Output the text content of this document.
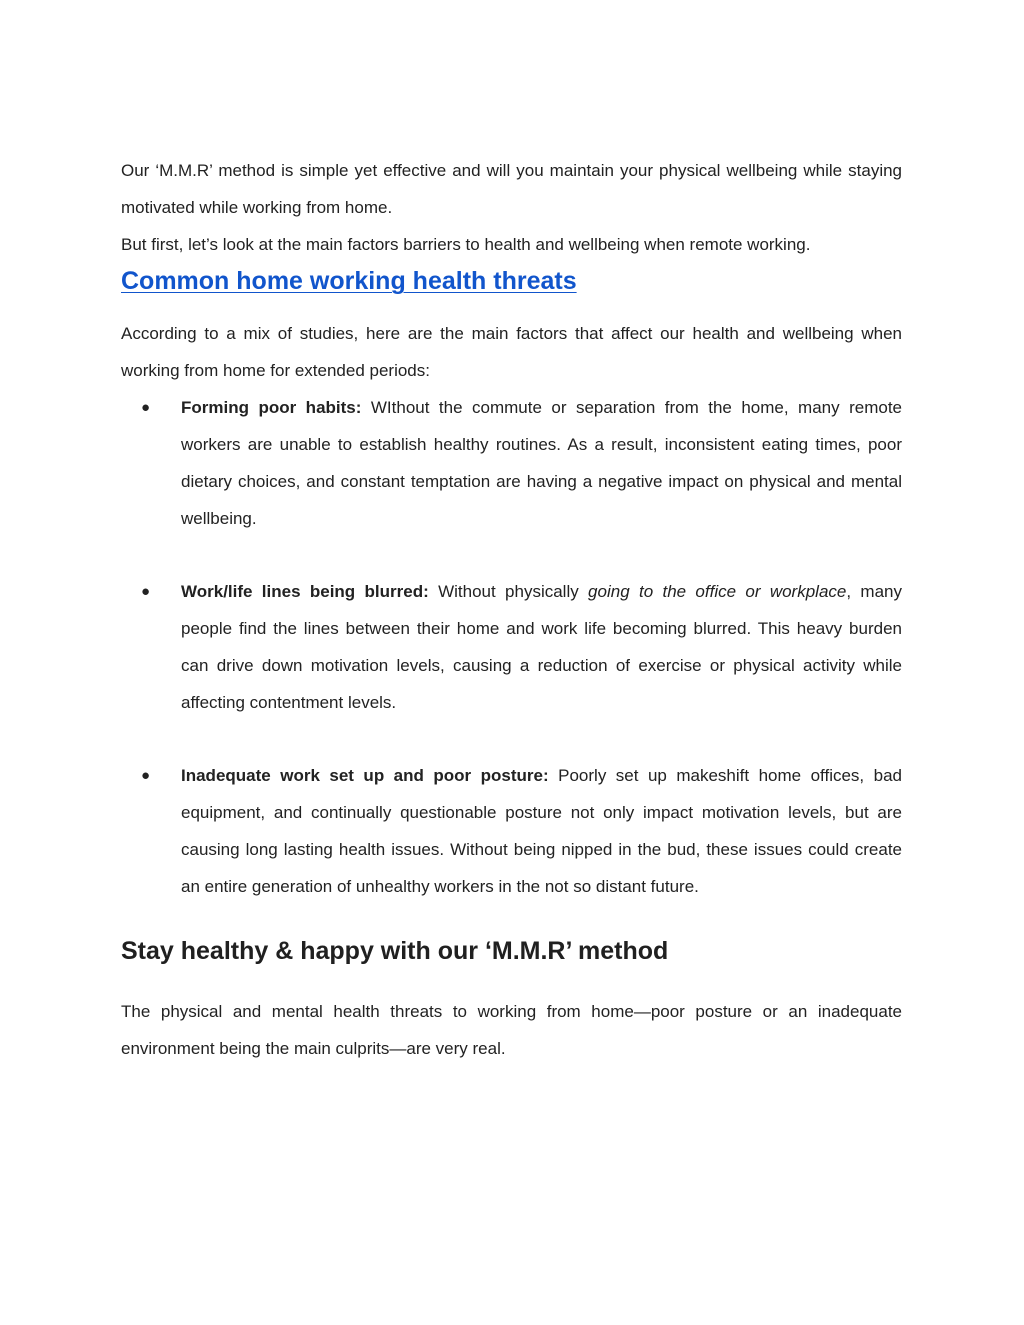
Our ‘M.M.R’ method is simple yet effective and will you maintain your physical wellbeing while staying motivated while working from home.

But first, let’s look at the main factors barriers to health and wellbeing when remote working.

Common home working health threats

According to a mix of studies, here are the main factors that affect our health and wellbeing when working from home for extended periods:

● Forming poor habits: WIthout the commute or separation from the home, many remote workers are unable to establish healthy routines. As a result, inconsistent eating times, poor dietary choices, and constant temptation are having a negative impact on physical and mental wellbeing.

● Work/life lines being blurred: Without physically going to the office or workplace, many people find the lines between their home and work life becoming blurred. This heavy burden can drive down motivation levels, causing a reduction of exercise or physical activity while affecting contentment levels.

● Inadequate work set up and poor posture: Poorly set up makeshift home offices, bad equipment, and continually questionable posture not only impact motivation levels, but are causing long lasting health issues. Without being nipped in the bud, these issues could create an entire generation of unhealthy workers in the not so distant future.

Stay healthy & happy with our ‘M.M.R’ method

The physical and mental health threats to working from home—poor posture or an inadequate environment being the main culprits—are very real.
